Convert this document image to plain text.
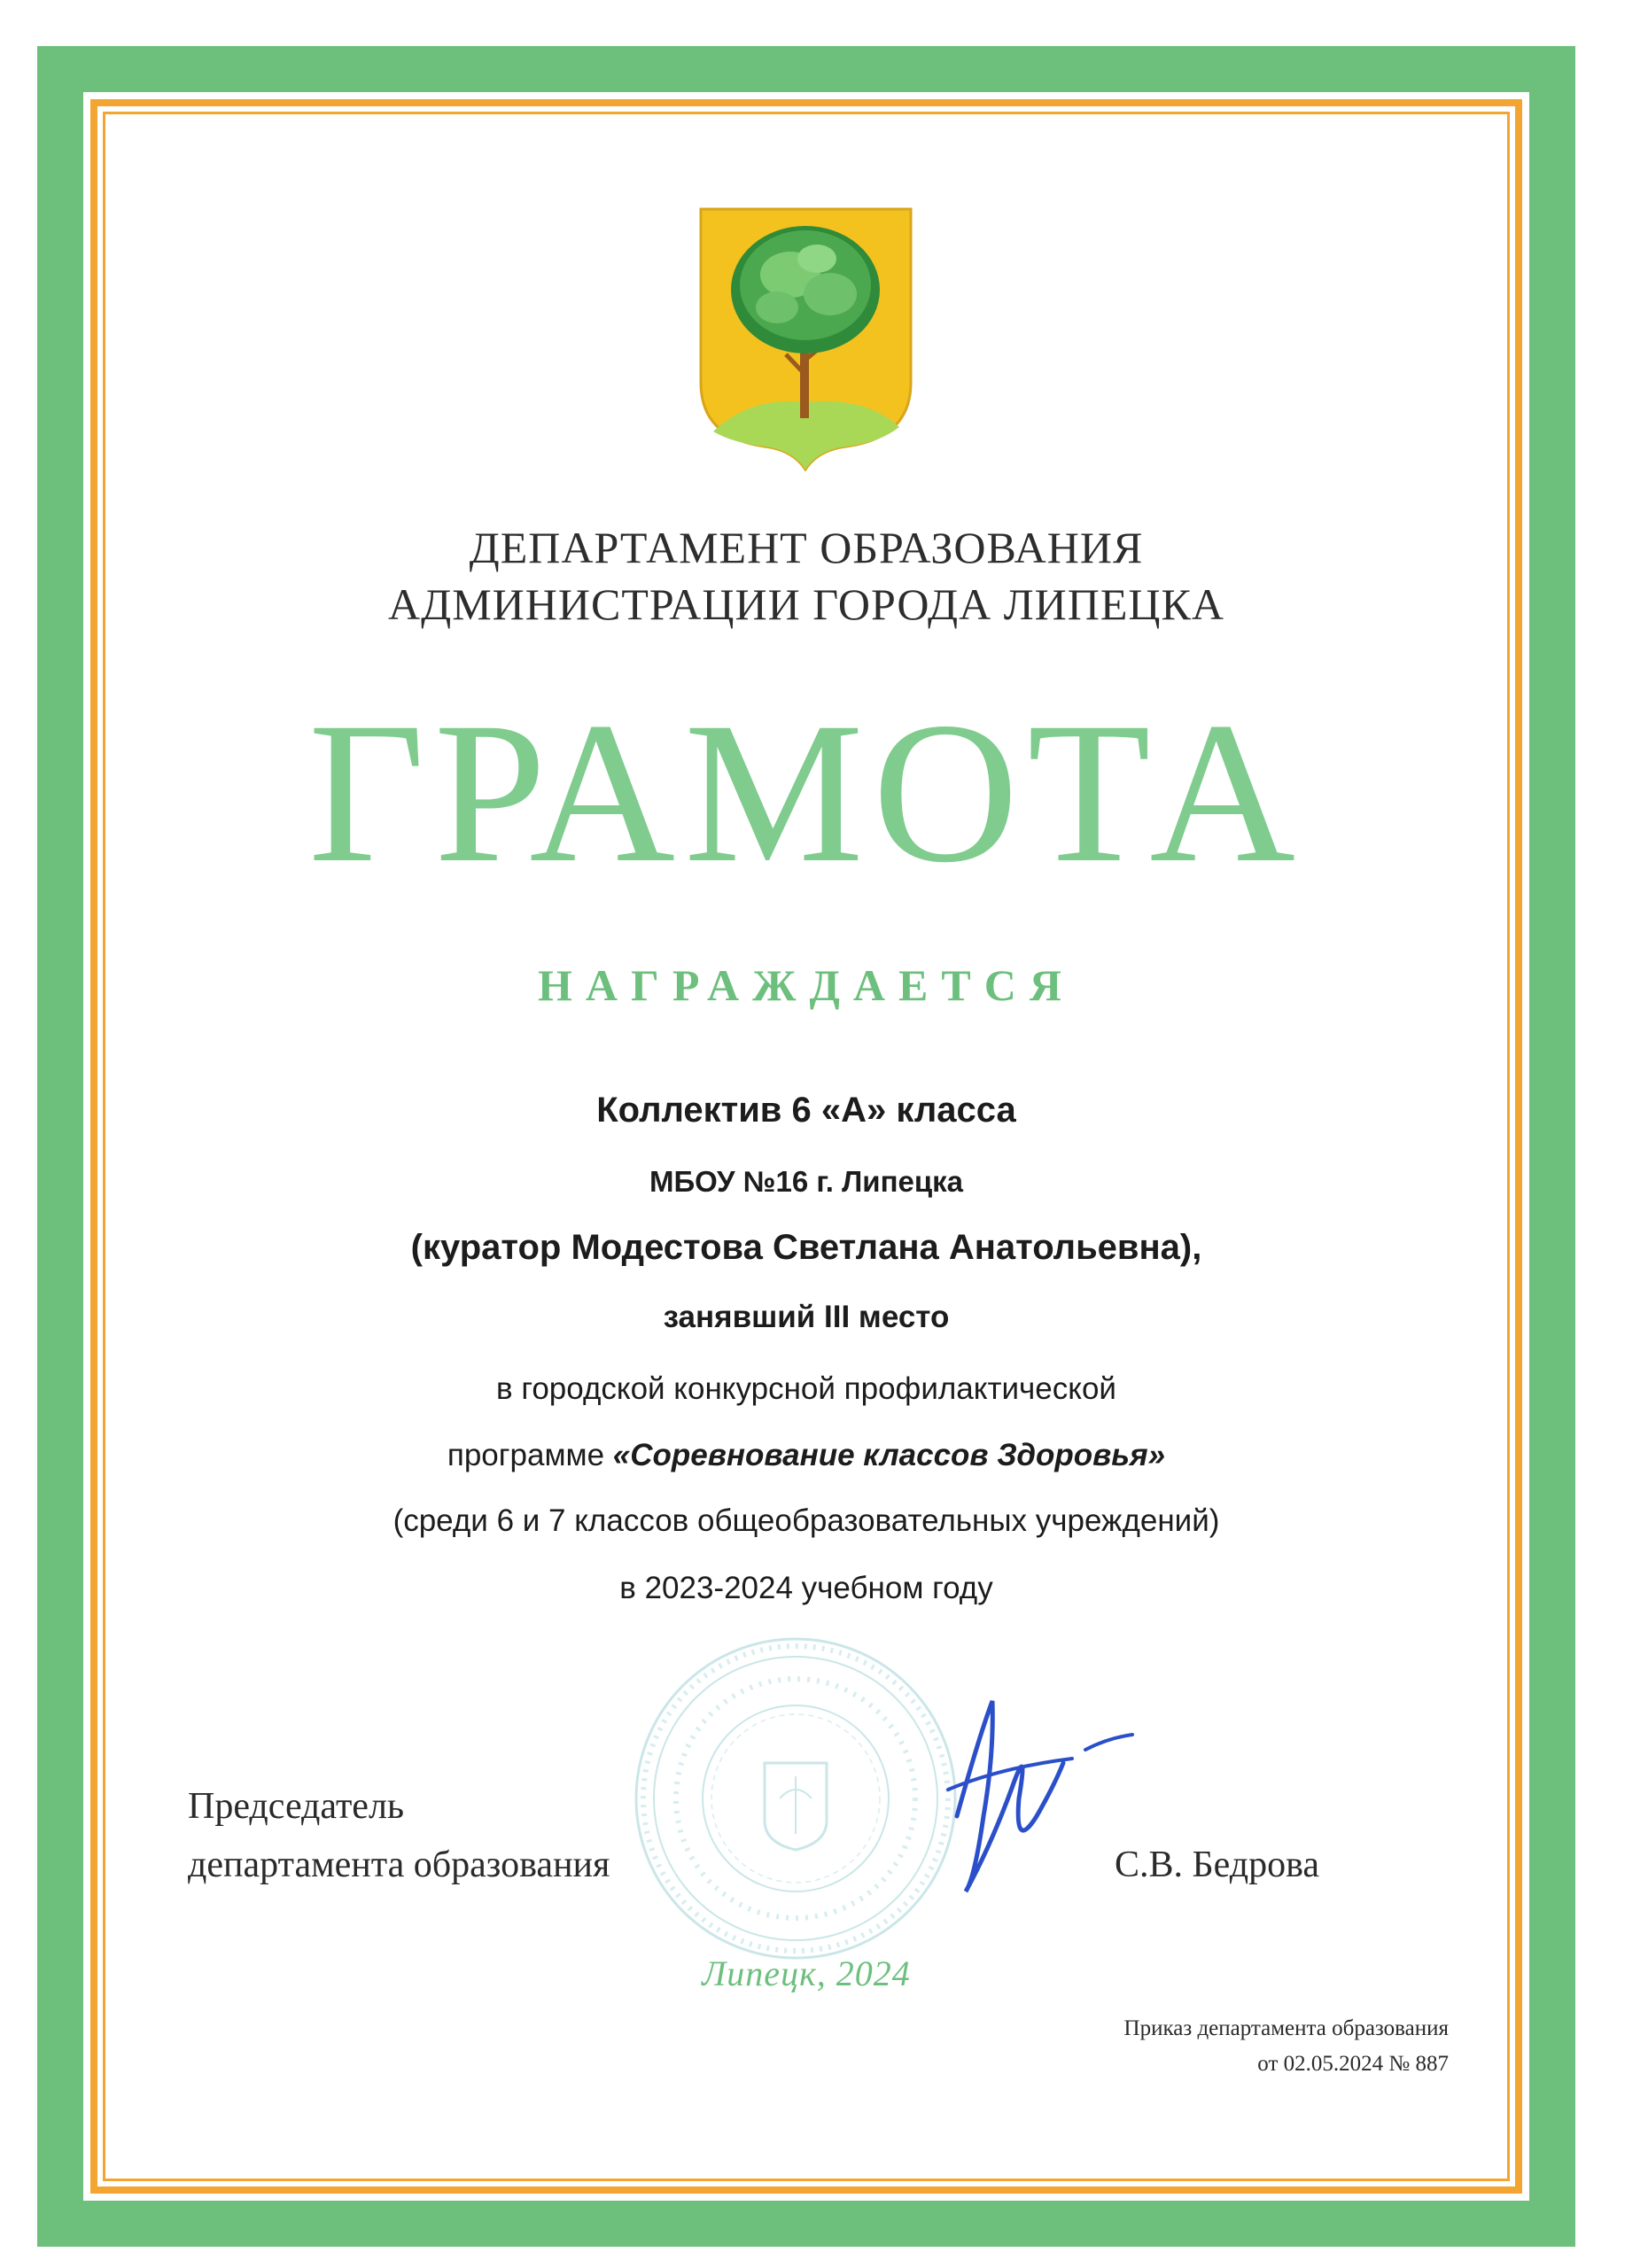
ДЕПАРТАМЕНТ ОБРАЗОВАНИЯ
АДМИНИСТРАЦИИ ГОРОДА ЛИПЕЦКА
ГРАМОТА
НАГРАЖДАЕТСЯ
Коллектив 6 «А» класса
МБОУ №16 г. Липецка
(куратор Модестова Светлана Анатольевна),
занявший III место
в городской конкурсной профилактической
программе «Соревнование классов Здоровья»
(среди 6 и 7 классов общеобразовательных учреждений)
в 2023-2024 учебном году
Председатель
департамента образования	С.В. Бедрова
Липецк, 2024
Приказ департамента образования
от 02.05.2024 № 887
